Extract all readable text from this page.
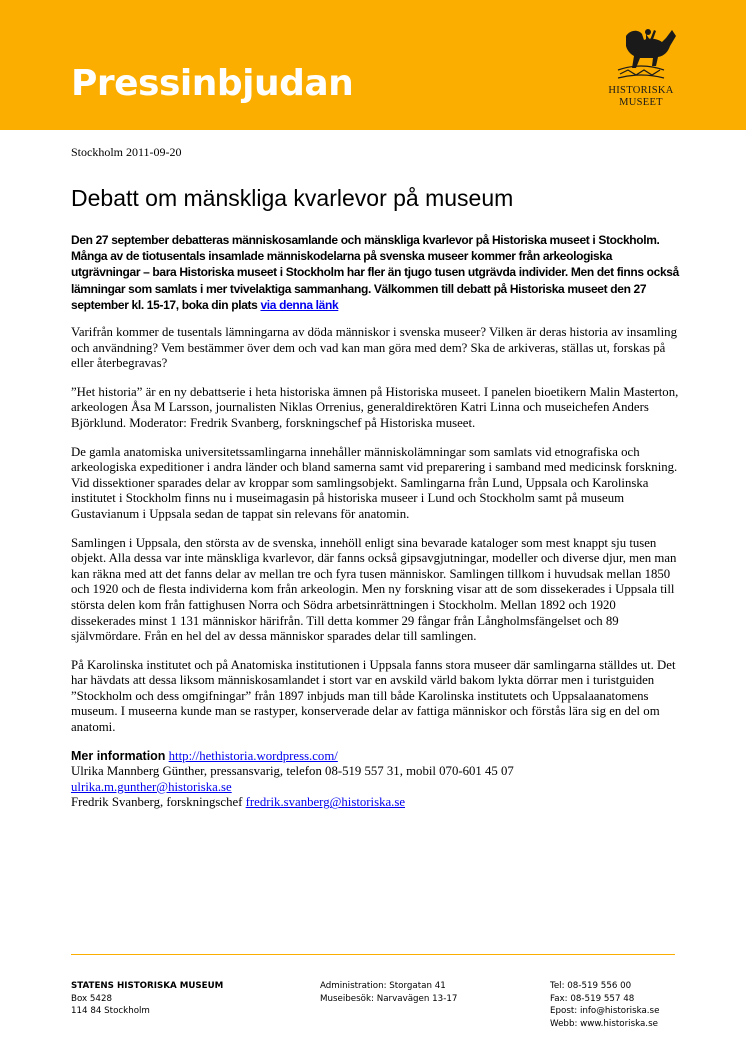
Pressinbjudan	HISTORISKA
MUSEET
Stockholm 2011-09-20
Debatt om mänskliga kvarlevor på museum
Den 27 september debatteras människosamlande och mänskliga kvarlevor på Historiska museet i Stockholm. Många av de tiotusentals insamlade människodelarna på svenska museer kommer från arkeologiska utgrävningar – bara Historiska museet i Stockholm har fler än tjugo tusen utgrävda individer. Men det finns också lämningar som samlats i mer tvivelaktiga sammanhang. Välkommen till debatt på Historiska museet den 27 september kl. 15-17, boka din plats via denna länk

Varifrån kommer de tusentals lämningarna av döda människor i svenska museer? Vilken är deras historia av insamling och användning? Vem bestämmer över dem och vad kan man göra med dem? Ska de arkiveras, ställas ut, forskas på eller återbegravas?

”Het historia” är en ny debattserie i heta historiska ämnen på Historiska museet. I panelen bioetikern Malin Masterton, arkeologen Åsa M Larsson, journalisten Niklas Orrenius, generaldirektören Katri Linna och museichefen Anders Björklund. Moderator: Fredrik Svanberg, forskningschef på Historiska museet.

De gamla anatomiska universitetssamlingarna innehåller människolämningar som samlats vid etnografiska och arkeologiska expeditioner i andra länder och bland samerna samt vid preparering i samband med medicinsk forskning. Vid dissektioner sparades delar av kroppar som samlingsobjekt. Samlingarna från Lund, Uppsala och Karolinska institutet i Stockholm finns nu i museimagasin på historiska museer i Lund och Stockholm samt på museum Gustavianum i Uppsala sedan de tappat sin relevans för anatomin.

Samlingen i Uppsala, den största av de svenska, innehöll enligt sina bevarade kataloger som mest knappt sju tusen objekt. Alla dessa var inte mänskliga kvarlevor, där fanns också gipsavgjutningar, modeller och diverse djur, men man kan räkna med att det fanns delar av mellan tre och fyra tusen människor. Samlingen tillkom i huvudsak mellan 1850 och 1920 och de flesta individerna kom från arkeologin. Men ny forskning visar att de som dissekerades i Uppsala till största delen kom från fattighusen Norra och Södra arbetsinrättningen i Stockholm. Mellan 1892 och 1920 dissekerades minst 1 131 människor härifrån. Till detta kommer 29 fångar från Långholmsfängelset och 89 självmördare. Från en hel del av dessa människor sparades delar till samlingen.

På Karolinska institutet och på Anatomiska institutionen i Uppsala fanns stora museer där samlingarna ställdes ut. Det har hävdats att dessa liksom människosamlandet i stort var en avskild värld bakom lykta dörrar men i turistguiden ”Stockholm och dess omgifningar” från 1897 inbjuds man till både Karolinska institutets och Uppsalaanatomens museum. I museerna kunde man se rastyper, konserverade delar av fattiga människor och förstås lära sig en del om anatomi.

Mer information http://hethistoria.wordpress.com/

Ulrika Mannberg Günther, pressansvarig, telefon 08-519 557 31, mobil 070-601 45 07

ulrika.m.gunther@historiska.se

Fredrik Svanberg, forskningschef fredrik.svanberg@historiska.se

STATENS HISTORISKA MUSEUM
Box 5428
114 84 Stockholm
Administration: Storgatan 41
Museibesök: Narvavägen 13-17
Tel: 08-519 556 00
Fax: 08-519 557 48
Epost: info@historiska.se
Webb: www.historiska.se
